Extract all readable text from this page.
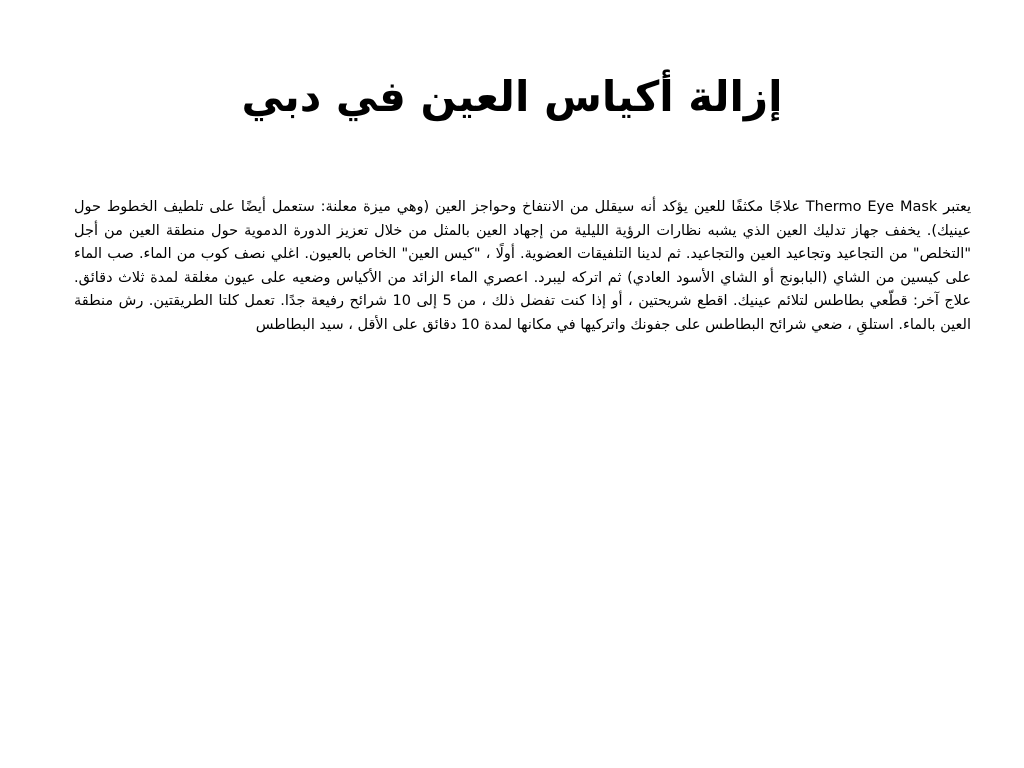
إزالة أكياس العين في دبي

يعتبر Thermo Eye Mask علاجًا مكثفًا للعين يؤكد أنه سيقلل من الانتفاخ وحواجز العين (وهي ميزة معلنة: ستعمل أيضًا على تلطيف الخطوط حول عينيك). يخفف جهاز تدليك العين الذي يشبه نظارات الرؤية الليلية من إجهاد العين بالمثل من خلال تعزيز الدورة الدموية حول منطقة العين من أجل "التخلص" من التجاعيد وتجاعيد العين والتجاعيد. ثم لدينا التلفيقات العضوية. أولًا ، "كيس العين" الخاص بالعيون. اغلي نصف كوب من الماء. صب الماء على كيسين من الشاي (البابونج أو الشاي الأسود العادي) ثم اتركه ليبرد. اعصري الماء الزائد من الأكياس وضعيه على عيون مغلقة لمدة ثلاث دقائق. علاج آخر: قطّعي بطاطس لتلائم عينيك. اقطع شريحتين ، أو إذا كنت تفضل ذلك ، من 5 إلى 10 شرائح رفيعة جدًا. تعمل كلتا الطريقتين. رش منطقة العين بالماء. استلقِ ، ضعي شرائح البطاطس على جفونك واتركيها في مكانها لمدة 10 دقائق على الأقل ، سيد البطاطس
